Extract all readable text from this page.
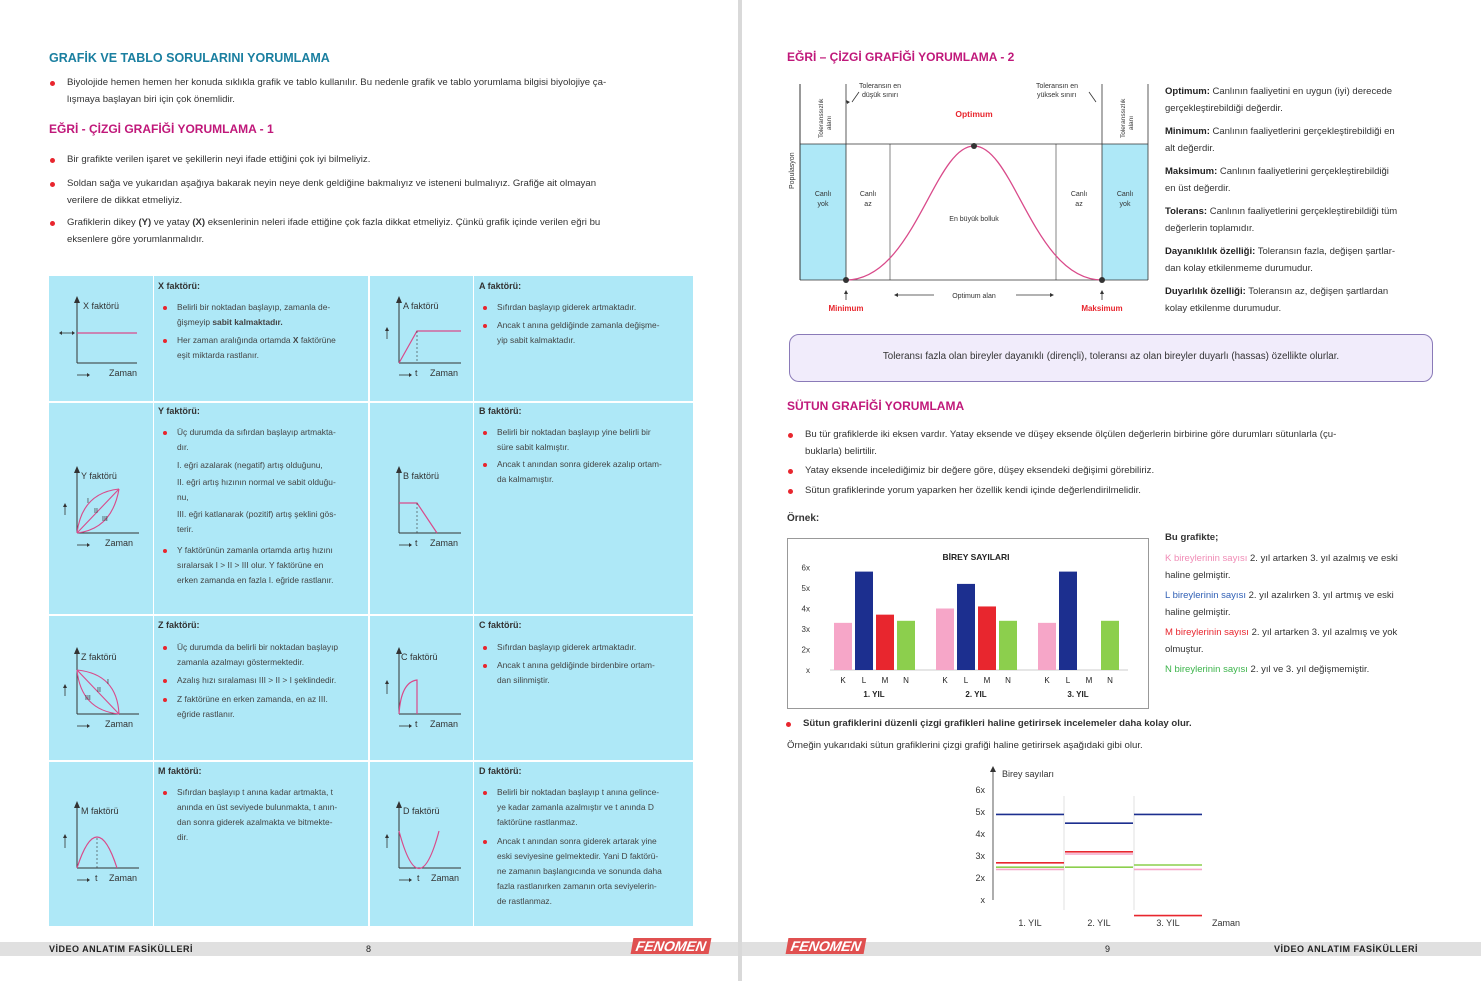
GRAFİK VE TABLO SORULARINI YORUMLAMA
Biyolojide hemen hemen her konuda sıklıkla grafik ve tablo kullanılır. Bu nedenle grafik ve tablo yorumlama bilgisi biyolojiye ça-
lışmaya başlayan biri için çok önemlidir.
EĞRİ - ÇİZGİ GRAFİĞİ YORUMLAMA - 1
Bir grafikte verilen işaret ve şekillerin neyi ifade ettiğini çok iyi bilmeliyiz.
Soldan sağa ve yukarıdan aşağıya bakarak neyin neye denk geldiğine bakmalıyız ve isteneni bulmalıyız. Grafiğe ait olmayan
verilere de dikkat etmeliyiz.
Grafiklerin dikey (Y) ve yatay (X) eksenlerinin neleri ifade ettiğine çok fazla dikkat etmeliyiz. Çünkü grafik içinde verilen eğri bu
eksenlere göre yorumlanmalıdır.
X faktörü
Zaman
X faktörü:
Belirli bir noktadan başlayıp, zamanla de-
ğişmeyip sabit kalmaktadır.
Her zaman aralığında ortamda X faktörüne
eşit miktarda rastlanır.
A faktörü
t Zaman
A faktörü:
Sıfırdan başlayıp giderek artmaktadır.
Ancak t anına geldiğinde zamanla değişme-
yip sabit kalmaktadır.
Y faktörü
I
II
III
Zaman
Y faktörü:
Üç durumda da sıfırdan başlayıp artmakta-
dır.
I. eğri azalarak (negatif) artış olduğunu,
II. eğri artış hızının normal ve sabit olduğu-
nu,
III. eğri katlanarak (pozitif) artış şeklini gös-
terir.
Y faktörünün zamanla ortamda artış hızını
sıralarsak I > II > III olur. Y faktörüne en
erken zamanda en fazla I. eğride rastlanır.
B faktörü
t Zaman
B faktörü:
Belirli bir noktadan başlayıp yine belirli bir
süre sabit kalmıştır.
Ancak t anından sonra giderek azalıp ortam-
da kalmamıştır.
Z faktörü
I
II
III
Zaman
Z faktörü:
Üç durumda da belirli bir noktadan başlayıp
zamanla azalmayı göstermektedir.
Azalış hızı sıralaması III > II > I şeklindedir.
Z faktörüne en erken zamanda, en az III.
eğride rastlanır.
C faktörü
t Zaman
C faktörü:
Sıfırdan başlayıp giderek artmaktadır.
Ancak t anına geldiğinde birdenbire ortam-
dan silinmiştir.
M faktörü
t Zaman
M faktörü:
Sıfırdan başlayıp t anına kadar artmakta, t
anında en üst seviyede bulunmakta, t anın-
dan sonra giderek azalmakta ve bitmekte-
dir.
D faktörü
t Zaman
D faktörü:
Belirli bir noktadan başlayıp t anına gelince-
ye kadar zamanla azalmıştır ve t anında D
faktörüne rastlanmaz.
Ancak t anından sonra giderek artarak yine
eski seviyesine gelmektedir. Yani D faktörü-
ne zamanın başlangıcında ve sonunda daha
fazla rastlanırken zamanın orta seviyelerin-
de rastlanmaz.
VİDEO ANLATIM FASİKÜLLERİ	8	FENOMEN
EĞRİ – ÇİZGİ GRAFİĞİ YORUMLAMA - 2
Toleransın en
düşük sınırı
Toleransın en
yüksek sınırı
Optimum
Toleranssızlık alanı	Toleranssızlık alanı
Populasyon
Canlı
yok
Canlı
az
Canlı
az
Canlı
yok
En büyük bolluk
Minimum	Maksimum
Optimum alan
Optimum: Canlının faaliyetini en uygun (iyi) derecede
gerçekleştirebildiği değerdir.
Minimum: Canlının faaliyetlerini gerçekleştirebildiği en
alt değerdir.
Maksimum: Canlının faaliyetlerini gerçekleştirebildiği
en üst değerdir.
Tolerans: Canlının faaliyetlerini gerçekleştirebildiği tüm
değerlerin toplamıdır.
Dayanıklılık özelliği: Toleransın fazla, değişen şartlar-
dan kolay etkilenmeme durumudur.
Duyarlılık özelliği: Toleransın az, değişen şartlardan
kolay etkilenme durumudur.
Toleransı fazla olan bireyler dayanıklı (dirençli), toleransı az olan bireyler duyarlı (hassas) özellikte olurlar.
SÜTUN GRAFİĞİ YORUMLAMA
Bu tür grafiklerde iki eksen vardır. Yatay eksende ve düşey eksende ölçülen değerlerin birbirine göre durumları sütunlarla (çu-
buklarla) belirtilir.
Yatay eksende incelediğimiz bir değere göre, düşey eksendeki değişimi görebiliriz.
Sütun grafiklerinde yorum yaparken her özellik kendi içinde değerlendirilmelidir.
Örnek:
BİREY SAYILARI
x
2x
3x
4x
5x
6x
K L M N
1. YIL
K L M N
2. YIL
K L M N
3. YIL
Bu grafikte;
K bireylerinin sayısı 2. yıl artarken 3. yıl azalmış ve eski
haline gelmiştir.
L bireylerinin sayısı 2. yıl azalırken 3. yıl artmış ve eski
haline gelmiştir.
M bireylerinin sayısı 2. yıl artarken 3. yıl azalmış ve yok
olmuştur.
N bireylerinin sayısı 2. yıl ve 3. yıl değişmemiştir.
Sütun grafiklerini düzenli çizgi grafikleri haline getirirsek incelemeler daha kolay olur.
Örneğin yukarıdaki sütun grafiklerini çizgi grafiği haline getirirsek aşağıdaki gibi olur.
Birey sayıları
x
2x
3x
4x
5x
6x
1. YIL	2. YIL	3. YIL	Zaman
FENOMEN	9	VİDEO ANLATIM FASİKÜLLERİ
